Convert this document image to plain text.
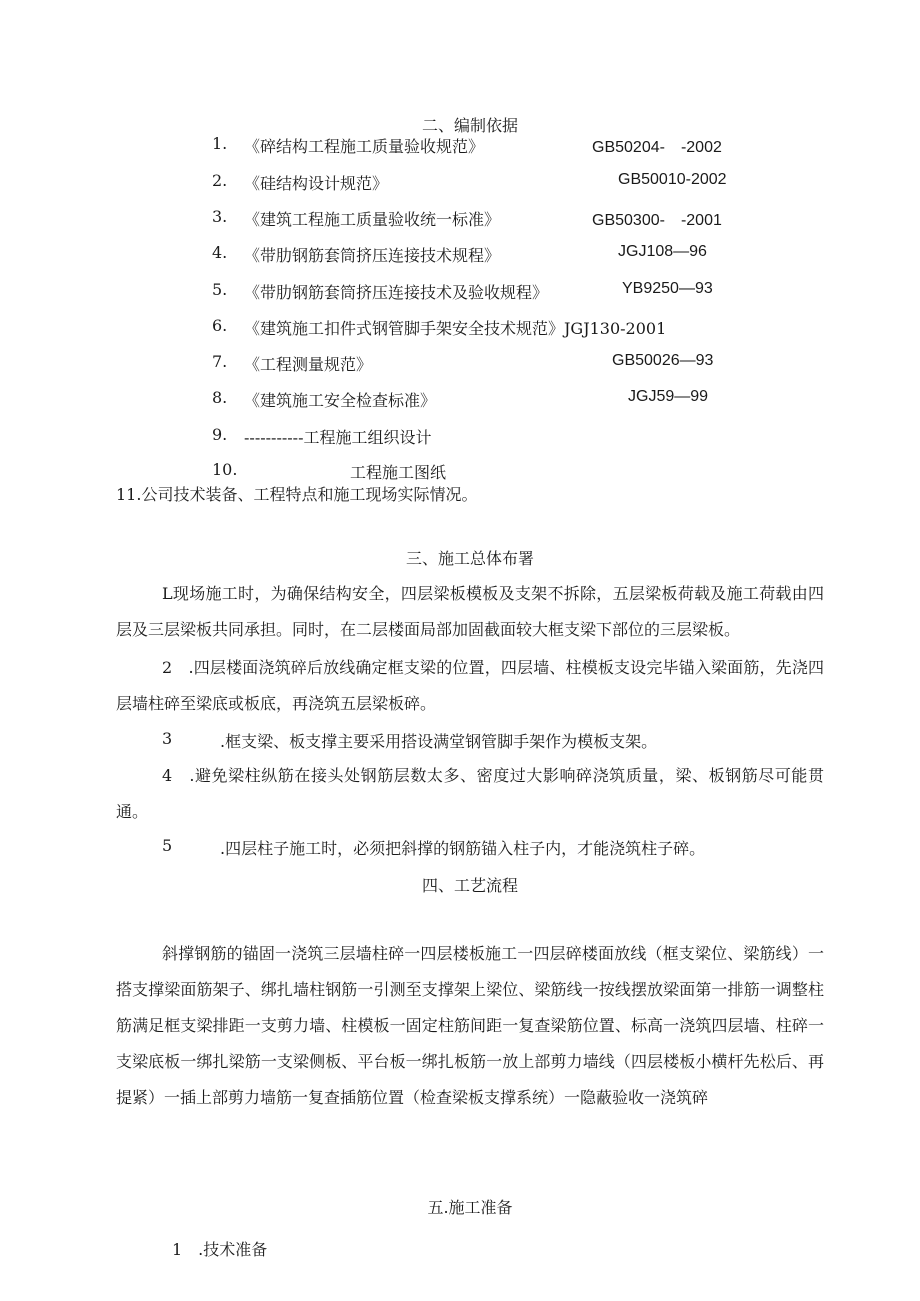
二、编制依据
1. 《碎结构工程施工质量验收规范》	GB50204-　-2002
2. 《硅结构设计规范》	GB50010-2002
3. 《建筑工程施工质量验收统一标准》	GB50300-　-2001
4. 《带肋钢筋套筒挤压连接技术规程》	JGJ108—96
5. 《带肋钢筋套筒挤压连接技术及验收规程》	YB9250—93
6. 《建筑施工扣件式钢管脚手架安全技术规范》JGJ130-2001
7. 《工程测量规范》	GB50026—93
8. 《建筑施工安全检查标准》	JGJ59—99
9. -----------工程施工组织设计
10.	工程施工图纸
11.公司技术装备、工程特点和施工现场实际情况。
三、施工总体布署
L现场施工时，为确保结构安全，四层梁板模板及支架不拆除，五层梁板荷载及施工荷载由四层及三层梁板共同承担。同时，在二层楼面局部加固截面较大框支梁下部位的三层梁板。
2　.四层楼面浇筑碎后放线确定框支梁的位置，四层墙、柱模板支设完毕锚入梁面筋，先浇四层墙柱碎至梁底或板底，再浇筑五层梁板碎。
3	.框支梁、板支撑主要采用搭设满堂钢管脚手架作为模板支架。
4　.避免梁柱纵筋在接头处钢筋层数太多、密度过大影响碎浇筑质量，梁、板钢筋尽可能贯通。
5	.四层柱子施工时，必须把斜撑的钢筋锚入柱子内，才能浇筑柱子碎。
四、工艺流程
斜撑钢筋的锚固一浇筑三层墙柱碎一四层楼板施工一四层碎楼面放线（框支梁位、梁筋线）一搭支撑梁面筋架子、绑扎墙柱钢筋一引测至支撑架上梁位、梁筋线一按线摆放梁面第一排筋一调整柱筋满足框支梁排距一支剪力墙、柱模板一固定柱筋间距一复查梁筋位置、标高一浇筑四层墙、柱碎一支梁底板一绑扎梁筋一支梁侧板、平台板一绑扎板筋一放上部剪力墙线（四层楼板小横杆先松后、再提紧）一插上部剪力墙筋一复查插筋位置（检查梁板支撑系统）一隐蔽验收一浇筑碎
五.施工准备
1　.技术准备
